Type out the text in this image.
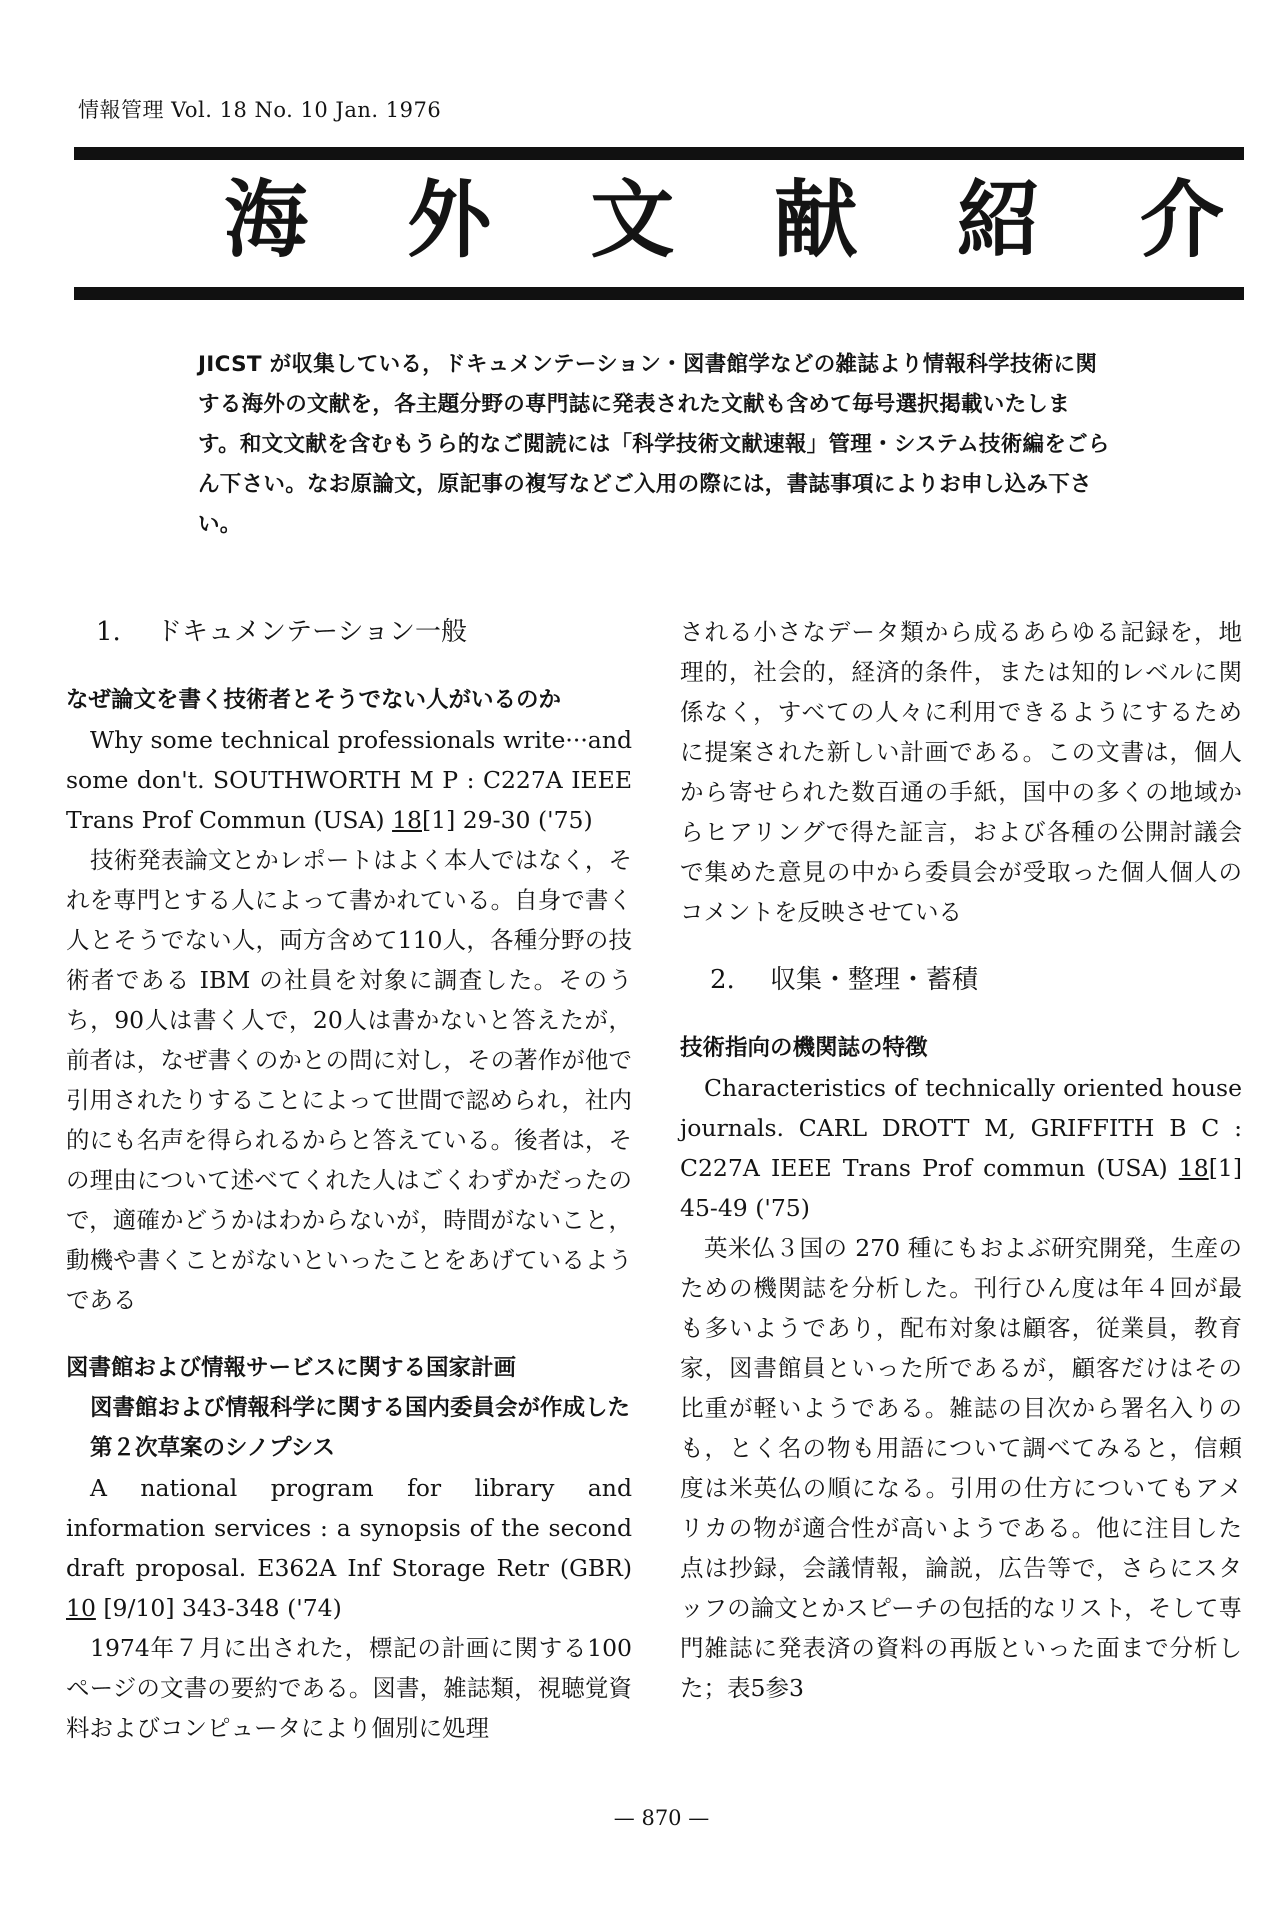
情報管理 Vol. 18 No. 10 Jan. 1976
海 外 文 献 紹 介
JICST が収集している，ドキュメンテーション・図書館学などの雑誌より情報科学技術に関する海外の文献を，各主題分野の専門誌に発表された文献も含めて毎号選択掲載いたします。和文文献を含むもうら的なご閲読には「科学技術文献速報」管理・システム技術編をごらん下さい。なお原論文，原記事の複写などご入用の際には，書誌事項によりお申し込み下さい。
1. ドキュメンテーション一般
なぜ論文を書く技術者とそうでない人がいるのか

Why some technical professionals write···and some don't. SOUTHWORTH M P : C227A IEEE Trans Prof Commun (USA) 18[1] 29-30 ('75)

技術発表論文とかレポートはよく本人ではなく，それを専門とする人によって書かれている。自身で書く人とそうでない人，両方含めて110人，各種分野の技術者である IBM の社員を対象に調査した。そのうち，90人は書く人で，20人は書かないと答えたが，前者は，なぜ書くのかとの問に対し，その著作が他で引用されたりすることによって世間で認められ，社内的にも名声を得られるからと答えている。後者は，その理由について述べてくれた人はごくわずかだったので，適確かどうかはわからないが，時間がないこと，動機や書くことがないといったことをあげているようである

図書館および情報サービスに関する国家計画
図書館および情報科学に関する国内委員会が作成した第２次草案のシノプシス

A national program for library and information services : a synopsis of the second draft proposal. E362A Inf Storage Retr (GBR) 10 [9/10] 343-348 ('74)

1974年７月に出された，標記の計画に関する100ページの文書の要約である。図書，雑誌類，視聴覚資料およびコンピュータにより個別に処理

される小さなデータ類から成るあらゆる記録を，地理的，社会的，経済的条件，または知的レベルに関係なく，すべての人々に利用できるようにするために提案された新しい計画である。この文書は，個人から寄せられた数百通の手紙，国中の多くの地域からヒアリングで得た証言，および各種の公開討議会で集めた意見の中から委員会が受取った個人個人のコメントを反映させている

2. 収集・整理・蓄積
技術指向の機関誌の特徴

Characteristics of technically oriented house journals. CARL DROTT M, GRIFFITH B C : C227A IEEE Trans Prof commun (USA) 18[1] 45-49 ('75)

英米仏３国の 270 種にもおよぶ研究開発，生産のための機関誌を分析した。刊行ひん度は年４回が最も多いようであり，配布対象は顧客，従業員，教育家，図書館員といった所であるが，顧客だけはその比重が軽いようである。雑誌の目次から署名入りのも，とく名の物も用語について調べてみると，信頼度は米英仏の順になる。引用の仕方についてもアメリカの物が適合性が高いようである。他に注目した点は抄録，会議情報，論説，広告等で，さらにスタッフの論文とかスピーチの包括的なリスト，そして専門雑誌に発表済の資料の再版といった面まで分析した；表5参3

— 870 —
